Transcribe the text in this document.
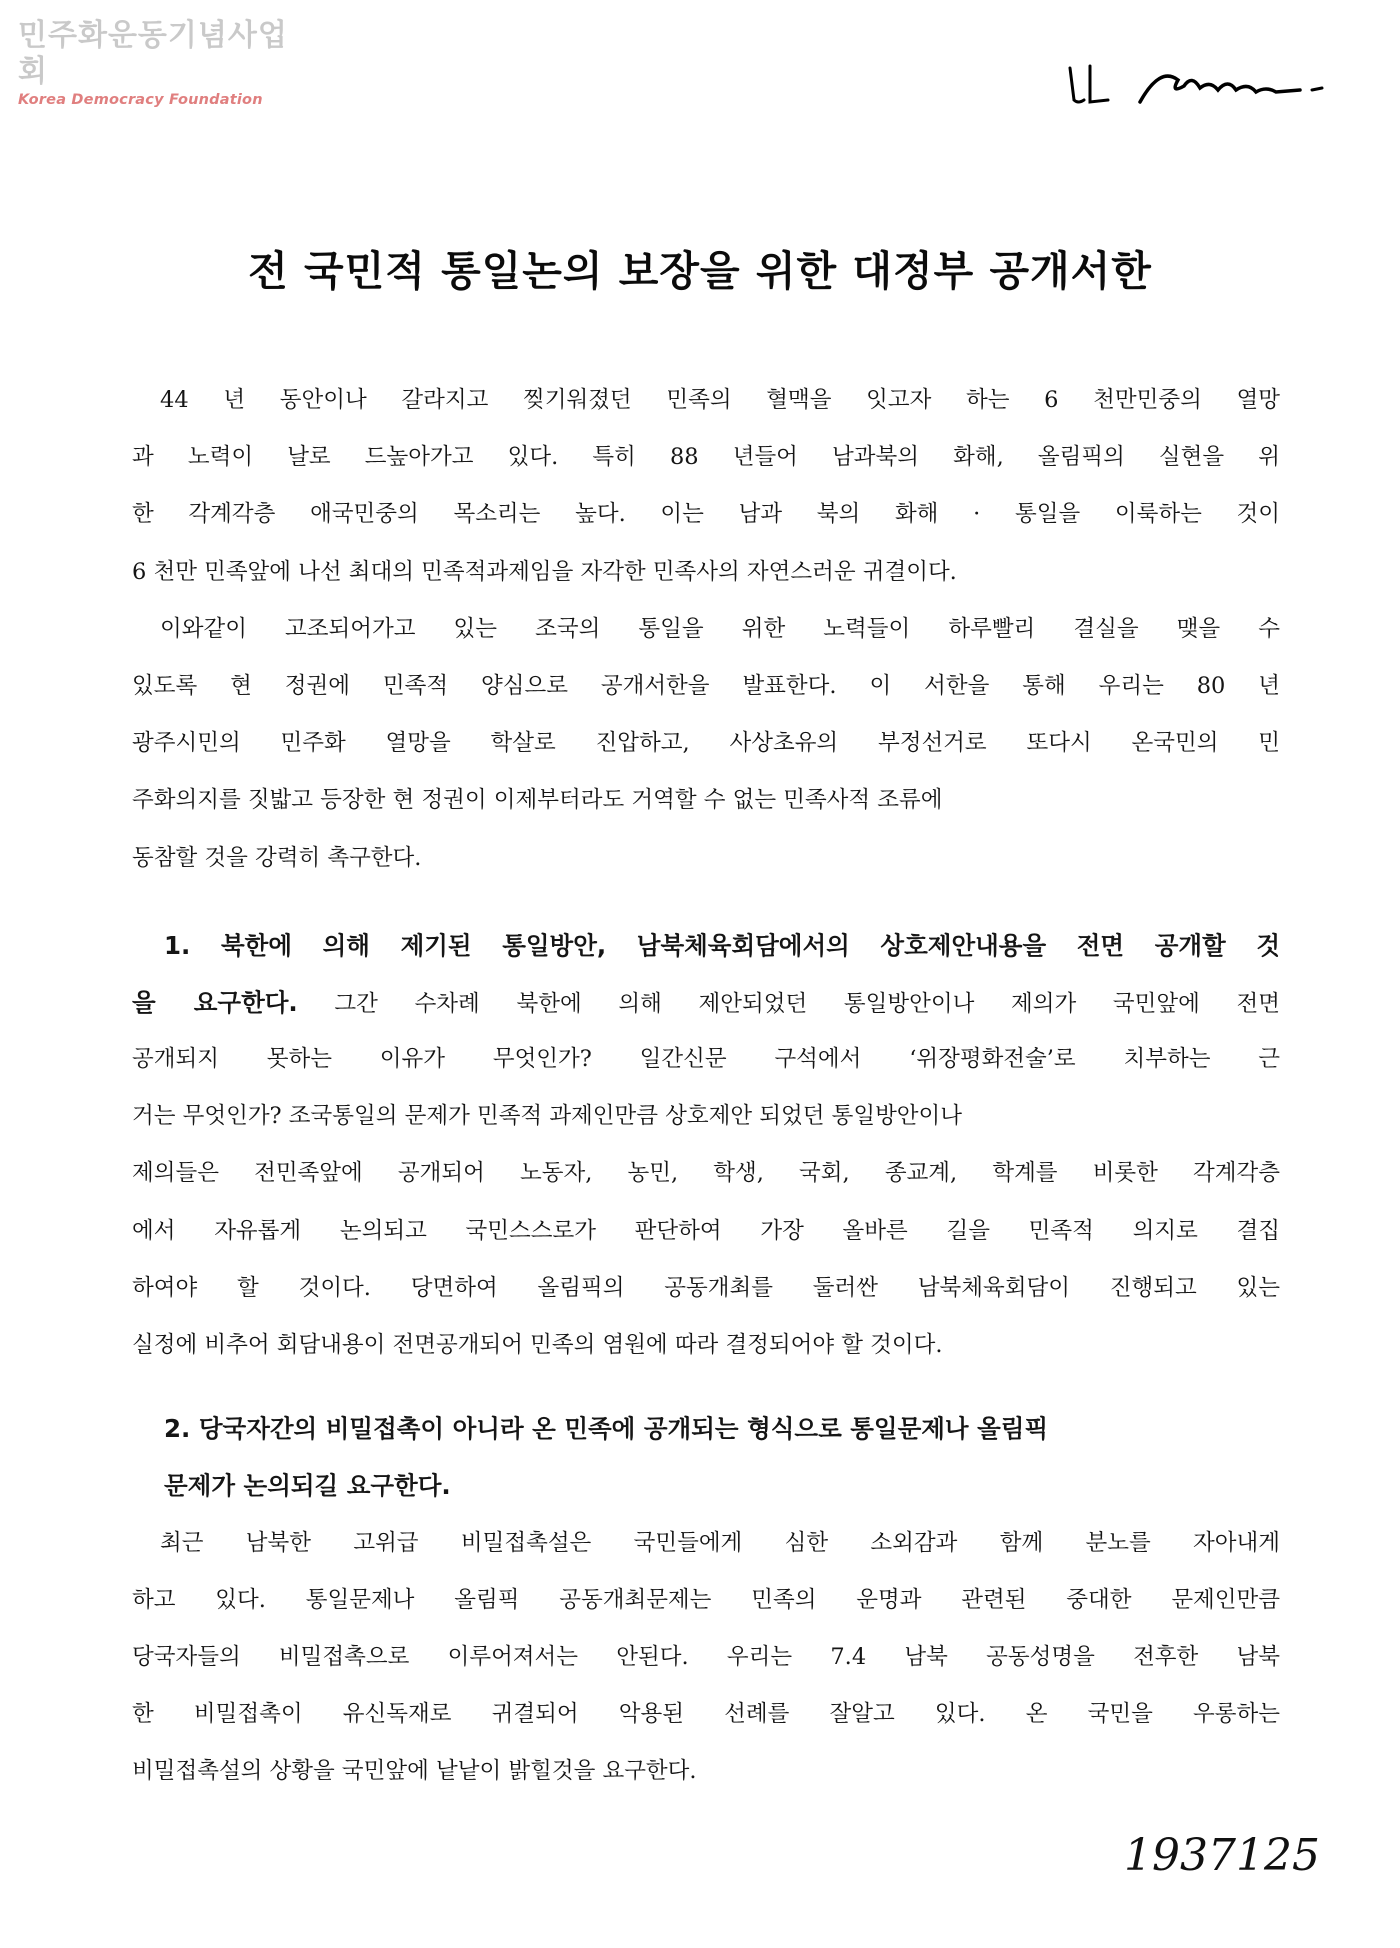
민주화운동기념사업회
Korea Democracy Foundation
전 국민적 통일논의 보장을 위한 대정부 공개서한
44 년 동안이나 갈라지고 찢기워졌던 민족의 혈맥을 잇고자 하는 6 천만민중의 열망
과 노력이 날로 드높아가고 있다. 특히 88 년들어 남과북의 화해, 올림픽의 실현을 위
한 각계각층 애국민중의 목소리는 높다. 이는 남과 북의 화해 · 통일을 이룩하는 것이
6 천만 민족앞에 나선 최대의 민족적과제임을 자각한 민족사의 자연스러운 귀결이다.
이와같이 고조되어가고 있는 조국의 통일을 위한 노력들이 하루빨리 결실을 맺을 수
있도록 현 정권에 민족적 양심으로 공개서한을 발표한다. 이 서한을 통해 우리는 80 년
광주시민의 민주화 열망을 학살로 진압하고, 사상초유의 부정선거로 또다시 온국민의 민
주화의지를 짓밟고 등장한 현 정권이 이제부터라도 거역할 수 없는 민족사적 조류에
동참할 것을 강력히 촉구한다.
1. 북한에 의해 제기된 통일방안, 남북체육회담에서의 상호제안내용을 전면 공개할 것
을 요구한다. 그간 수차례 북한에 의해 제안되었던 통일방안이나 제의가 국민앞에 전면
공개되지 못하는 이유가 무엇인가? 일간신문 구석에서 ‘위장평화전술’로 치부하는 근
거는 무엇인가? 조국통일의 문제가 민족적 과제인만큼 상호제안 되었던 통일방안이나
제의들은 전민족앞에 공개되어 노동자, 농민, 학생, 국회, 종교계, 학계를 비롯한 각계각층
에서 자유롭게 논의되고 국민스스로가 판단하여 가장 올바른 길을 민족적 의지로 결집
하여야 할 것이다. 당면하여 올림픽의 공동개최를 둘러싼 남북체육회담이 진행되고 있는
실정에 비추어 회담내용이 전면공개되어 민족의 염원에 따라 결정되어야 할 것이다.
2. 당국자간의 비밀접촉이 아니라 온 민족에 공개되는 형식으로 통일문제나 올림픽
문제가 논의되길 요구한다.
최근 남북한 고위급 비밀접촉설은 국민들에게 심한 소외감과 함께 분노를 자아내게
하고 있다. 통일문제나 올림픽 공동개최문제는 민족의 운명과 관련된 중대한 문제인만큼
당국자들의 비밀접촉으로 이루어져서는 안된다. 우리는 7.4 남북 공동성명을 전후한 남북
한 비밀접촉이 유신독재로 귀결되어 악용된 선례를 잘알고 있다. 온 국민을 우롱하는
비밀접촉설의 상황을 국민앞에 낱낱이 밝힐것을 요구한다.
1937125
